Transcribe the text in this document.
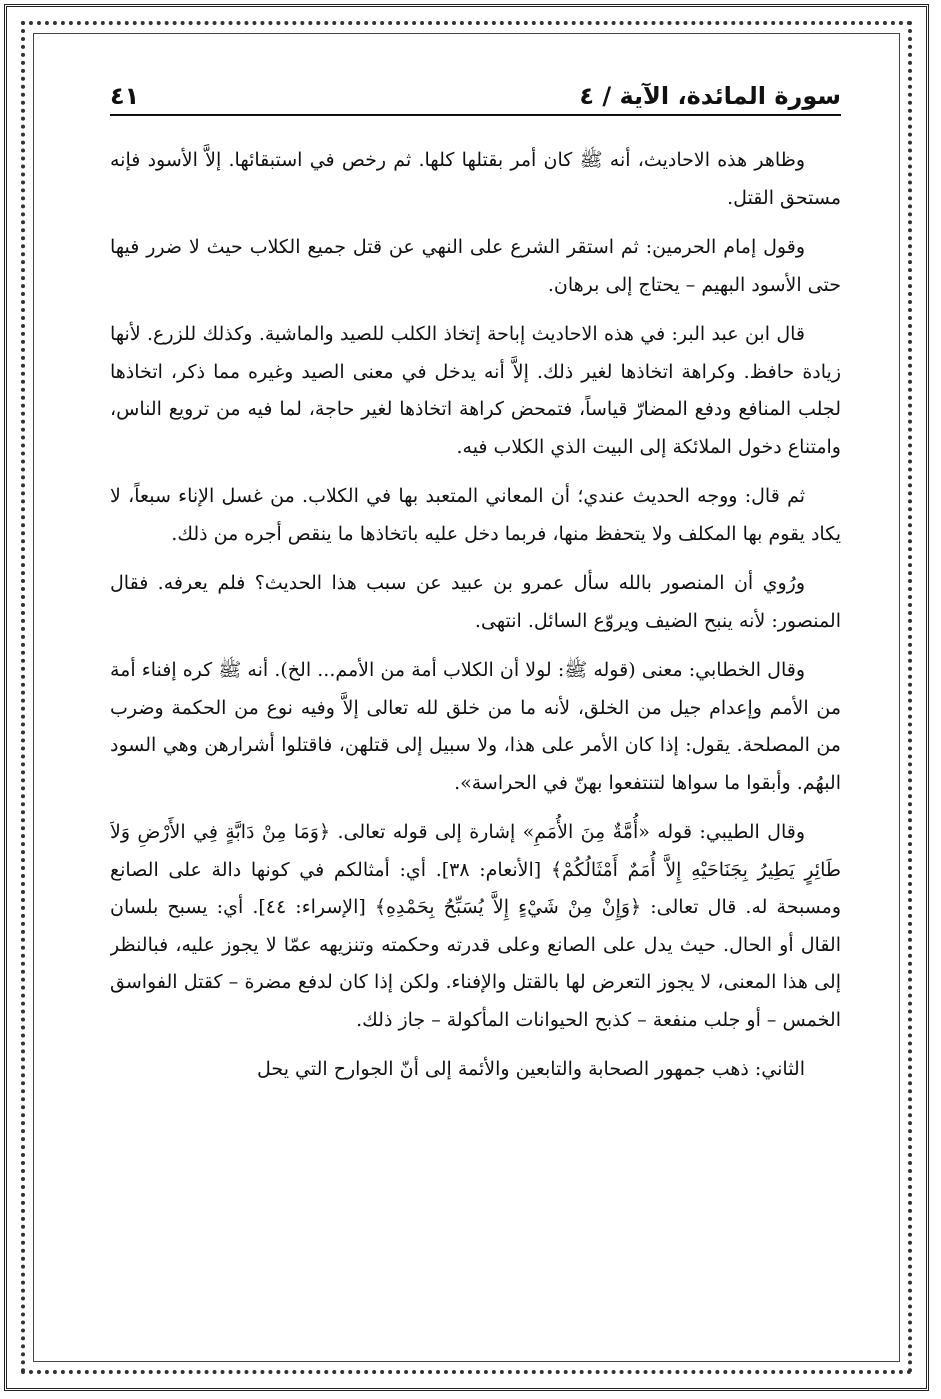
سورة المائدة، الآية / ٤
٤١

وظاهر هذه الاحاديث، أنه ﷺ كان أمر بقتلها كلها. ثم رخص في استبقائها. إلاَّ الأسود فإنه مستحق القتل.

وقول إمام الحرمين: ثم استقر الشرع على النهي عن قتل جميع الكلاب حيث لا ضرر فيها حتى الأسود البهيم – يحتاج إلى برهان.

قال ابن عبد البر: في هذه الاحاديث إباحة إتخاذ الكلب للصيد والماشية. وكذلك للزرع. لأنها زيادة حافظ. وكراهة اتخاذها لغير ذلك. إلاَّ أنه يدخل في معنى الصيد وغيره مما ذكر، اتخاذها لجلب المنافع ودفع المضارّ قياساً، فتمحض كراهة اتخاذها لغير حاجة، لما فيه من ترويع الناس، وامتناع دخول الملائكة إلى البيت الذي الكلاب فيه.

ثم قال: ووجه الحديث عندي؛ أن المعاني المتعبد بها في الكلاب. من غسل الإناء سبعاً، لا يكاد يقوم بها المكلف ولا يتحفظ منها، فربما دخل عليه باتخاذها ما ينقص أجره من ذلك.

ورُوي أن المنصور بالله سأل عمرو بن عبيد عن سبب هذا الحديث؟ فلم يعرفه. فقال المنصور: لأنه ينبح الضيف ويروّع السائل. انتهى.

وقال الخطابي: معنى (قوله ﷺ: لولا أن الكلاب أمة من الأمم... الخ). أنه ﷺ كره إفناء أمة من الأمم وإعدام جيل من الخلق، لأنه ما من خلق لله تعالى إلاَّ وفيه نوع من الحكمة وضرب من المصلحة. يقول: إذا كان الأمر على هذا، ولا سبيل إلى قتلهن، فاقتلوا أشرارهن وهي السود البهُم. وأبقوا ما سواها لتنتفعوا بهنّ في الحراسة».

وقال الطيبي: قوله «أُمَّةٌ مِنَ الأُمَمِ» إشارة إلى قوله تعالى. ﴿وَمَا مِنْ دَابَّةٍ فِي الأَرْضِ وَلاَ طَائِرٍ يَطِيرُ بِجَنَاحَيْهِ إِلاَّ أُمَمٌ أَمْثَالُكُمْ﴾ [الأنعام: ٣٨]. أي: أمثالكم في كونها دالة على الصانع ومسبحة له. قال تعالى: ﴿وَإِنْ مِنْ شَيْءٍ إِلاَّ يُسَبِّحُ بِحَمْدِهِ﴾ [الإسراء: ٤٤]. أي: يسبح بلسان القال أو الحال. حيث يدل على الصانع وعلى قدرته وحكمته وتنزيهه عمّا لا يجوز عليه، فبالنظر إلى هذا المعنى، لا يجوز التعرض لها بالقتل والإفناء. ولكن إذا كان لدفع مضرة – كقتل الفواسق الخمس – أو جلب منفعة – كذبح الحيوانات المأكولة – جاز ذلك.

الثاني: ذهب جمهور الصحابة والتابعين والأئمة إلى أنّ الجوارح التي يحل
